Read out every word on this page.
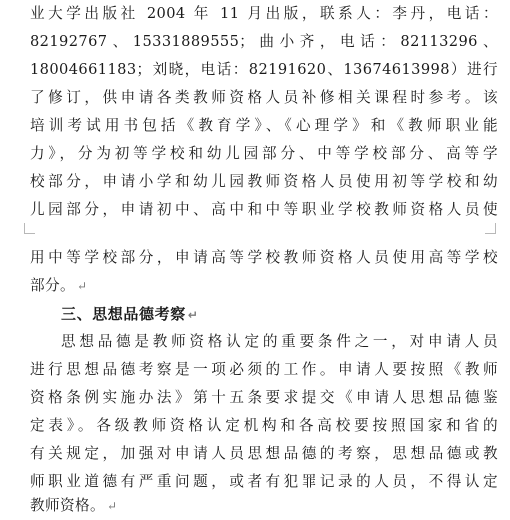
业大学出版社 2004 年 11 月出版，联系人：李丹，电话：
82192767、15331889555；曲小齐，电话：82113296、
18004661183；刘晓，电话：82191620、13674613998）进行
了修订，供申请各类教师资格人员补修相关课程时参考。该
培训考试用书包括《教育学》、《心理学》和《教师职业能
力》，分为初等学校和幼儿园部分、中等学校部分、高等学
校部分，申请小学和幼儿园教师资格人员使用初等学校和幼
儿园部分，申请初中、高中和中等职业学校教师资格人员使
用中等学校部分，申请高等学校教师资格人员使用高等学校
部分。 ↵
三、思想品德考察 ↵
思想品德是教师资格认定的重要条件之一，对申请人员
进行思想品德考察是一项必须的工作。申请人要按照《教师
资格条例实施办法》第十五条要求提交《申请人思想品德鉴
定表》。各级教师资格认定机构和各高校要按照国家和省的
有关规定，加强对申请人员思想品德的考察，思想品德或教
师职业道德有严重问题，或者有犯罪记录的人员，不得认定
教师资格。 ↵
